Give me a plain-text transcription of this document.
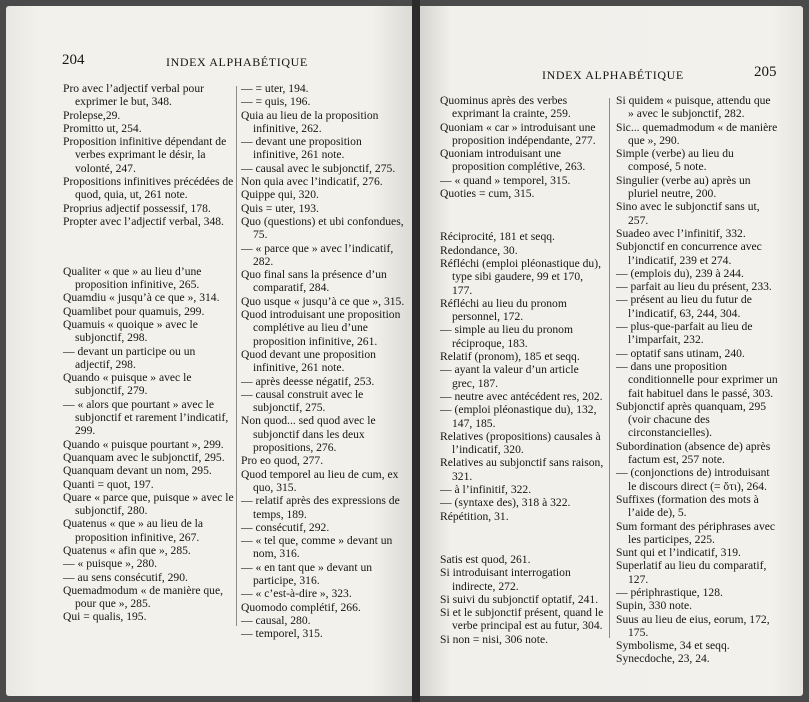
204	INDEX ALPHABÉTIQUE

Pro avec l’adjectif verbal pour exprimer le but, 348.

Prolepse,29.

Promitto ut, 254.

Proposition infinitive dépendant de verbes exprimant le désir, la volonté, 247.

Propositions infinitives précédées de quod, quia, ut, 261 note.

Proprius adjectif possessif, 178.

Propter avec l’adjectif verbal, 348.

Qualiter « que » au lieu d’une proposition infinitive, 265.

Quamdiu « jusqu’à ce que », 314.

Quamlibet pour quamuis, 299.

Quamuis « quoique » avec le subjonctif, 298.

— devant un participe ou un adjectif, 298.

Quando « puisque » avec le subjonctif, 279.

— « alors que pourtant » avec le subjonctif et rarement l’indicatif, 299.

Quando « puisque pourtant », 299.

Quanquam avec le subjonctif, 295.

Quanquam devant un nom, 295.

Quanti = quot, 197.

Quare « parce que, puisque » avec le subjonctif, 280.

Quatenus « que » au lieu de la proposition infinitive, 267.

Quatenus « afin que », 285.

— « puisque », 280.

— au sens consécutif, 290.

Quemadmodum « de manière que, pour que », 285.

Qui = qualis, 195.

— = uter, 194.

— = quis, 196.

Quia au lieu de la proposition infinitive, 262.

— devant une proposition infinitive, 261 note.

— causal avec le subjonctif, 275.

Non quia avec l’indicatif, 276.

Quippe qui, 320.

Quis = uter, 193.

Quo (questions) et ubi confondues, 75.

— « parce que » avec l’indicatif, 282.

Quo final sans la présence d’un comparatif, 284.

Quo usque « jusqu’à ce que », 315.

Quod introduisant une proposition complétive au lieu d’une proposition infinitive, 261.

Quod devant une proposition infinitive, 261 note.

— après deesse négatif, 253.

— causal construit avec le subjonctif, 275.

Non quod... sed quod avec le subjonctif dans les deux propositions, 276.

Pro eo quod, 277.

Quod temporel au lieu de cum, ex quo, 315.

— relatif après des expressions de temps, 189.

— consécutif, 292.

— « tel que, comme » devant un nom, 316.

— « en tant que » devant un participe, 316.

— « c’est-à-dire », 323.

Quomodo complétif, 266.

— causal, 280.

— temporel, 315.

INDEX ALPHABÉTIQUE	205

Quominus après des verbes exprimant la crainte, 259.

Quoniam « car » introduisant une proposition indépendante, 277.

Quoniam introduisant une proposition complétive, 263.

— « quand » temporel, 315.

Quoties = cum, 315.

Réciprocité, 181 et seqq.

Redondance, 30.

Réfléchi (emploi pléonastique du), type sibi gaudere, 99 et 170, 177.

Réfléchi au lieu du pronom personnel, 172.

— simple au lieu du pronom réciproque, 183.

Relatif (pronom), 185 et seqq.

— ayant la valeur d’un article grec, 187.

— neutre avec antécédent res, 202.

— (emploi pléonastique du), 132, 147, 185.

Relatives (propositions) causales à l’indicatif, 320.

Relatives au subjonctif sans raison, 321.

— à l’infinitif, 322.

— (syntaxe des), 318 à 322.

Répétition, 31.

Satis est quod, 261.

Si introduisant interrogation indirecte, 272.

Si suivi du subjonctif optatif, 241.

Si et le subjonctif présent, quand le verbe principal est au futur, 304.

Si non = nisi, 306 note.

Si quidem « puisque, attendu que » avec le subjonctif, 282.

Sic... quemadmodum « de manière que », 290.

Simple (verbe) au lieu du composé, 5 note.

Singulier (verbe au) après un pluriel neutre, 200.

Sino avec le subjonctif sans ut, 257.

Suadeo avec l’infinitif, 332.

Subjonctif en concurrence avec l’indicatif, 239 et 274.

— (emplois du), 239 à 244.

— parfait au lieu du présent, 233.

— présent au lieu du futur de l’indicatif, 63, 244, 304.

— plus-que-parfait au lieu de l’imparfait, 232.

— optatif sans utinam, 240.

— dans une proposition conditionnelle pour exprimer un fait habituel dans le passé, 303.

Subjonctif après quanquam, 295 (voir chacune des circonstancielles).

Subordination (absence de) après factum est, 257 note.

— (conjonctions de) introduisant le discours direct (= ὅτι), 264.

Suffixes (formation des mots à l’aide de), 5.

Sum formant des périphrases avec les participes, 225.

Sunt qui et l’indicatif, 319.

Superlatif au lieu du comparatif, 127.

— périphrastique, 128.

Supin, 330 note.

Suus au lieu de eius, eorum, 172, 175.

Symbolisme, 34 et seqq.

Synecdoche, 23, 24.
